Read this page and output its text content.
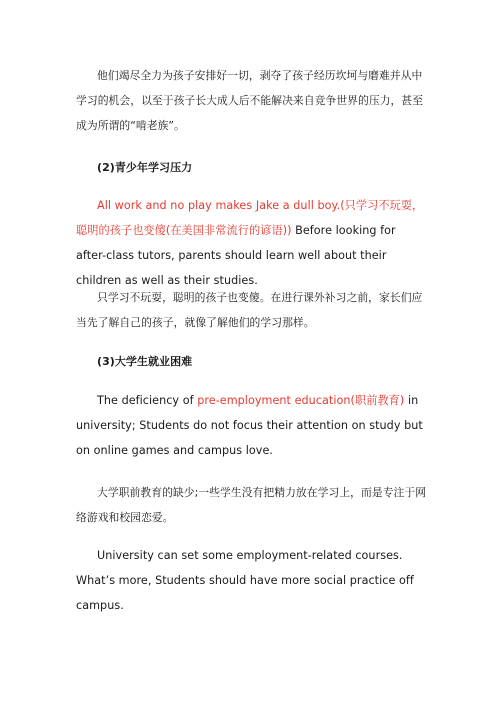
他们竭尽全力为孩子安排好一切，剥夺了孩子经历坎坷与磨难并从中学习的机会，以至于孩子长大成人后不能解决来自竞争世界的压力，甚至成为所谓的“啃老族”。

(2)青少年学习压力

All work and no play makes Jake a dull boy.(只学习不玩耍，聪明的孩子也变傻(在美国非常流行的谚语)) Before looking for after-class tutors, parents should learn well about their children as well as their studies.

只学习不玩耍，聪明的孩子也变傻。在进行课外补习之前，家长们应当先了解自己的孩子，就像了解他们的学习那样。

(3)大学生就业困难

The deficiency of pre-employment education(职前教育) in university; Students do not focus their attention on study but on online games and campus love.

大学职前教育的缺少;一些学生没有把精力放在学习上，而是专注于网络游戏和校园恋爱。

University can set some employment-related courses. What’s more, Students should have more social practice off campus.
